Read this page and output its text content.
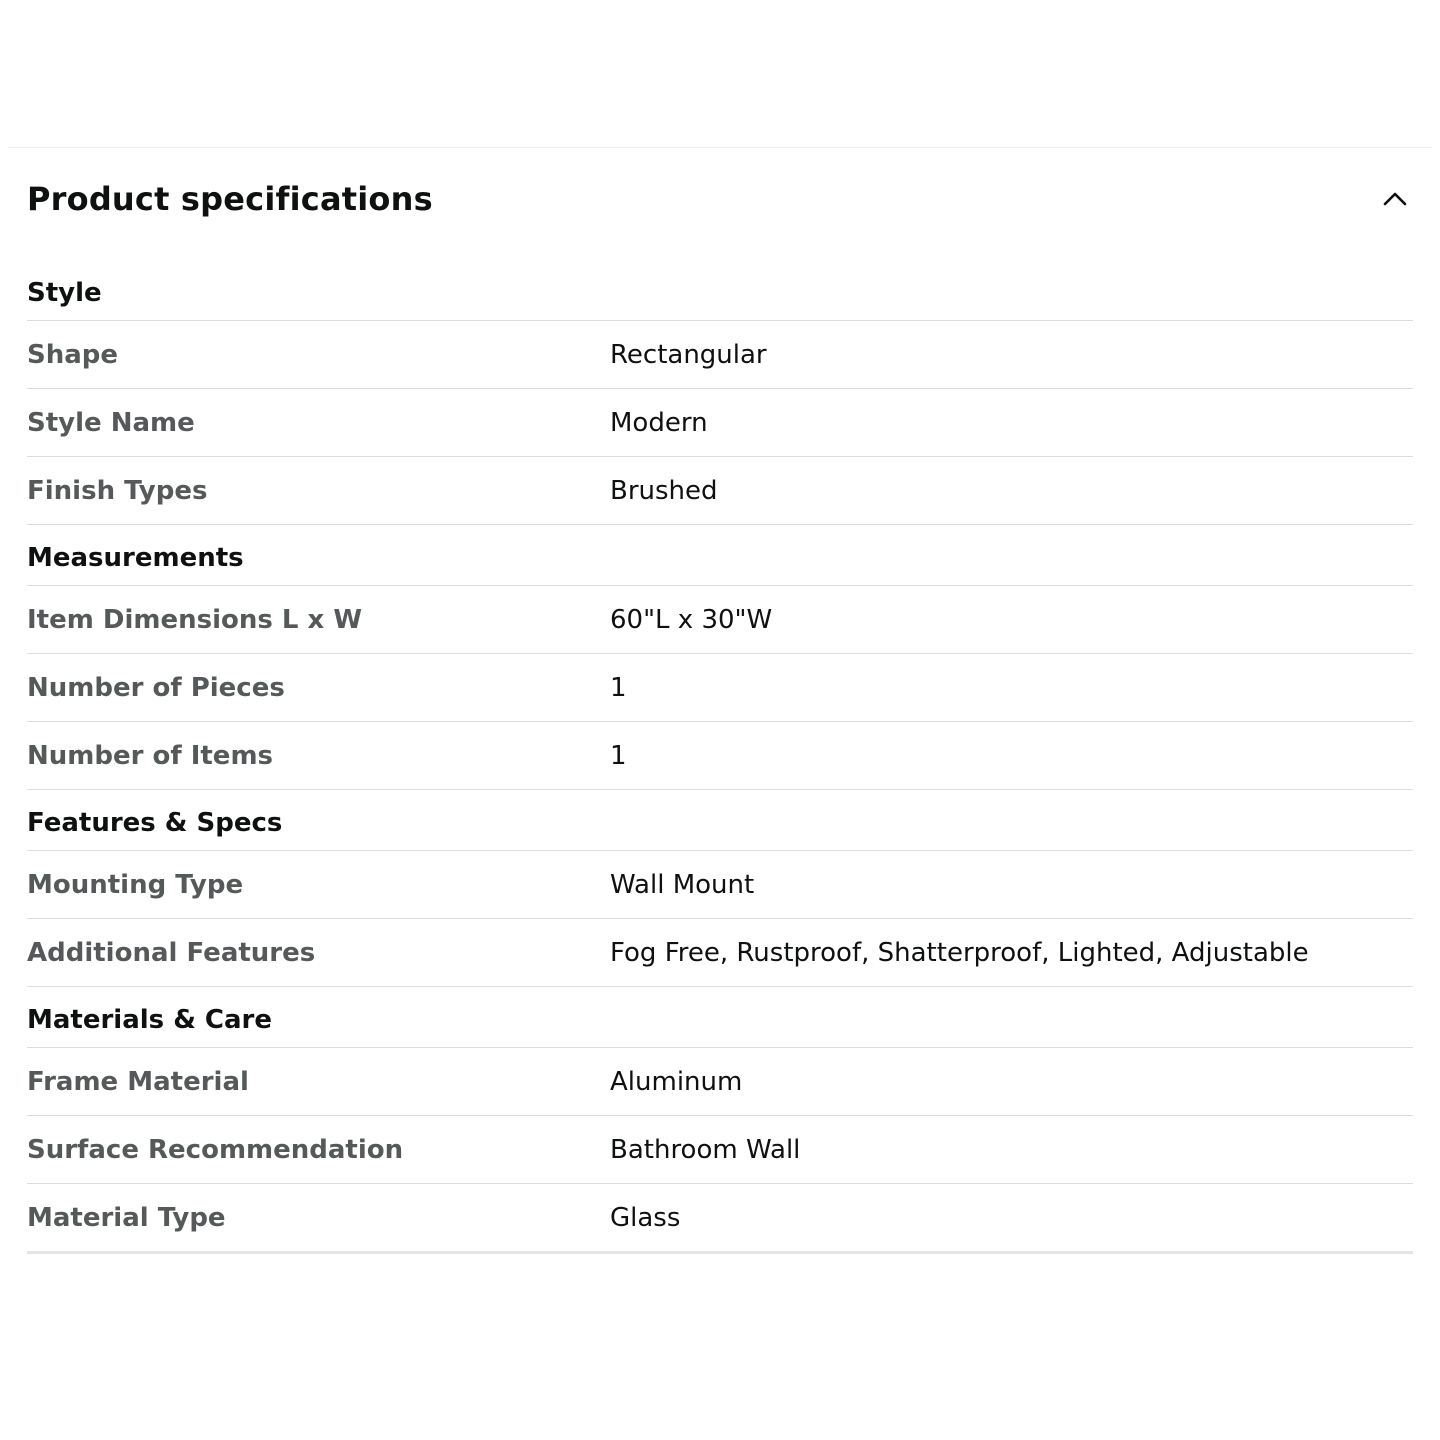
Product specifications
Style
Shape	Rectangular
Style Name	Modern
Finish Types	Brushed
Measurements
Item Dimensions L x W	60"L x 30"W
Number of Pieces	1
Number of Items	1
Features & Specs
Mounting Type	Wall Mount
Additional Features	Fog Free, Rustproof, Shatterproof, Lighted, Adjustable
Materials & Care
Frame Material	Aluminum
Surface Recommendation	Bathroom Wall
Material Type	Glass
